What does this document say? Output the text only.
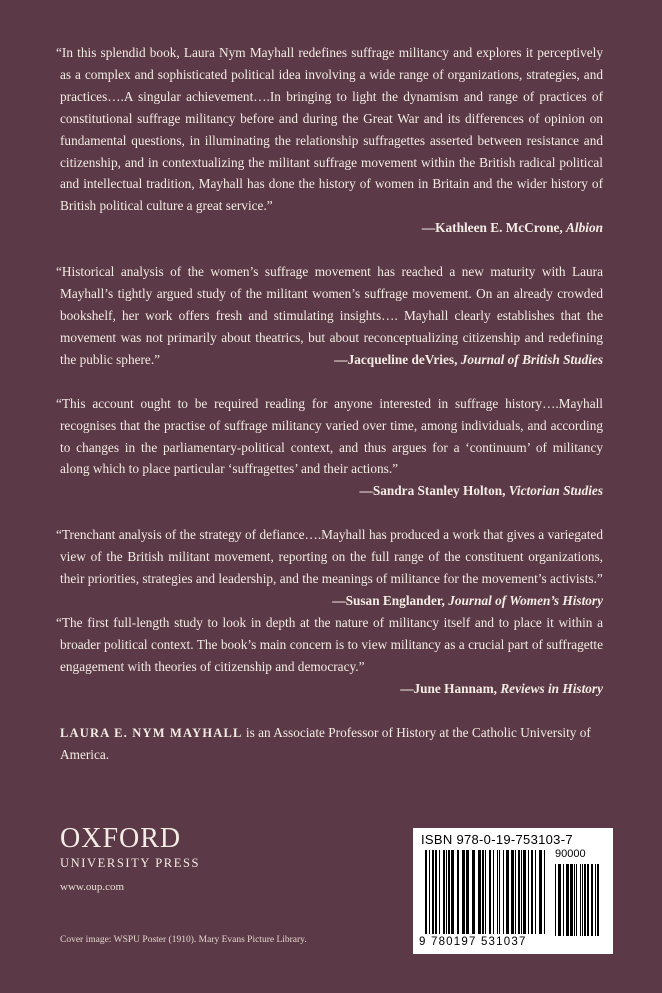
“In this splendid book, Laura Nym Mayhall redefines suffrage militancy and explores it perceptively as a complex and sophisticated political idea involving a wide range of organizations, strategies, and practices….A singular achievement….In bringing to light the dynamism and range of practices of constitutional suffrage militancy before and during the Great War and its differences of opinion on fundamental questions, in illuminating the relationship suffragettes asserted between resistance and citizenship, and in contextualizing the militant suffrage movement within the British radical political and intellectual tradition, Mayhall has done the history of women in Britain and the wider history of British political culture a great service.”
—Kathleen E. McCrone, Albion
“Historical analysis of the women’s suffrage movement has reached a new maturity with Laura Mayhall’s tightly argued study of the militant women’s suffrage movement. On an already crowded bookshelf, her work offers fresh and stimulating insights…. Mayhall clearly establishes that the movement was not primarily about theatrics, but about reconceptualizing citizenship and redefining the public sphere.”	—Jacqueline deVries, Journal of British Studies
“This account ought to be required reading for anyone interested in suffrage history….Mayhall recognises that the practise of suffrage militancy varied over time, among individuals, and according to changes in the parliamentary-political context, and thus argues for a ‘continuum’ of militancy along which to place particular ‘suffragettes’ and their actions.”
—Sandra Stanley Holton, Victorian Studies
“Trenchant analysis of the strategy of defiance….Mayhall has produced a work that gives a variegated view of the British militant movement, reporting on the full range of the constituent organizations, their priorities, strategies and leadership, and the meanings of militance for the movement’s activists.”
—Susan Englander, Journal of Women’s History
“The first full-length study to look in depth at the nature of militancy itself and to place it within a broader political context. The book’s main concern is to view militancy as a crucial part of suffragette engagement with theories of citizenship and democracy.”
—June Hannam, Reviews in History
LAURA E. NYM MAYHALL is an Associate Professor of History at the Catholic University of America.
OXFORD
UNIVERSITY PRESS
www.oup.com
Cover image: WSPU Poster (1910). Mary Evans Picture Library.
ISBN 978-0-19-753103-7
90000
9 780197 531037
